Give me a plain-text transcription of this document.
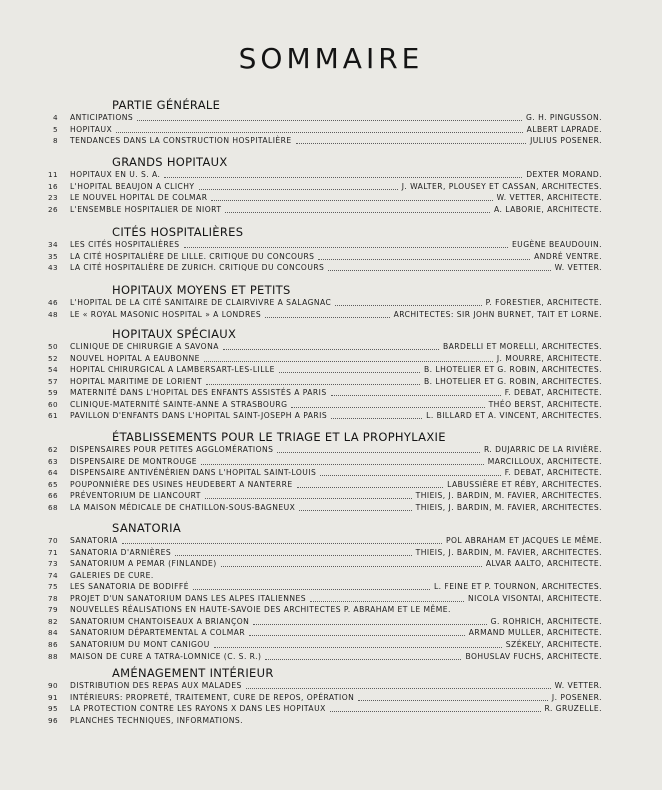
SOMMAIRE
PARTIE GÉNÉRALE
4 ANTICIPATIONS	G. H. PINGUSSON.
5 HOPITAUX	ALBERT LAPRADE.
8 TENDANCES DANS LA CONSTRUCTION HOSPITALIÈRE	JULIUS POSENER.
GRANDS HOPITAUX
11 HOPITAUX EN U. S. A.	DEXTER MORAND.
16 L'HOPITAL BEAUJON A CLICHY	J. WALTER, PLOUSEY ET CASSAN, ARCHITECTES.
23 LE NOUVEL HOPITAL DE COLMAR	W. VETTER, ARCHITECTE.
26 L'ENSEMBLE HOSPITALIER DE NIORT	A. LABORIE, ARCHITECTE.
CITÉS HOSPITALIÈRES
34 LES CITÉS HOSPITALIÈRES	EUGÈNE BEAUDOUIN.
35 LA CITÉ HOSPITALIÈRE DE LILLE. CRITIQUE DU CONCOURS	ANDRÉ VENTRE.
43 LA CITÉ HOSPITALIÈRE DE ZURICH. CRITIQUE DU CONCOURS	W. VETTER.
HOPITAUX MOYENS ET PETITS
46 L'HOPITAL DE LA CITÉ SANITAIRE DE CLAIRVIVRE A SALAGNAC	P. FORESTIER, ARCHITECTE.
48 LE « ROYAL MASONIC HOSPITAL » A LONDRES	ARCHITECTES: SIR JOHN BURNET, TAIT ET LORNE.
HOPITAUX SPÉCIAUX
50 CLINIQUE DE CHIRURGIE A SAVONA	BARDELLI ET MORELLI, ARCHITECTES.
52 NOUVEL HOPITAL A EAUBONNE	J. MOURRE, ARCHITECTE.
54 HOPITAL CHIRURGICAL A LAMBERSART-LES-LILLE	B. LHOTELIER ET G. ROBIN, ARCHITECTES.
57 HOPITAL MARITIME DE LORIENT	B. LHOTELIER ET G. ROBIN, ARCHITECTES.
59 MATERNITÉ DANS L'HOPITAL DES ENFANTS ASSISTÉS A PARIS	F. DEBAT, ARCHITECTE.
60 CLINIQUE-MATERNITÉ SAINTE-ANNE A STRASBOURG	THÉO BERST, ARCHITECTE.
61 PAVILLON D'ENFANTS DANS L'HOPITAL SAINT-JOSEPH A PARIS	L. BILLARD ET A. VINCENT, ARCHITECTES.
ÉTABLISSEMENTS POUR LE TRIAGE ET LA PROPHYLAXIE
62 DISPENSAIRES POUR PETITES AGGLOMÉRATIONS	R. DUJARRIC DE LA RIVIÈRE.
63 DISPENSAIRE DE MONTROUGE	MARCILLOUX, ARCHITECTE.
64 DISPENSAIRE ANTIVÉNÉRIEN DANS L'HOPITAL SAINT-LOUIS	F. DEBAT, ARCHITECTE.
65 POUPONNIÈRE DES USINES HEUDEBERT A NANTERRE	LABUSSIÈRE ET RÉBY, ARCHITECTES.
66 PRÉVENTORIUM DE LIANCOURT	THIEIS, J. BARDIN, M. FAVIER, ARCHITECTES.
68 LA MAISON MÉDICALE DE CHATILLON-SOUS-BAGNEUX	THIEIS, J. BARDIN, M. FAVIER, ARCHITECTES.
SANATORIA
70 SANATORIA	POL ABRAHAM ET JACQUES LE MÊME.
71 SANATORIA D'ARNIÈRES	THIEIS, J. BARDIN, M. FAVIER, ARCHITECTES.
73 SANATORIUM A PEMAR (FINLANDE)	ALVAR AALTO, ARCHITECTE.
74 GALERIES DE CURE.
75 LES SANATORIA DE BODIFFÉ	L. FEINE ET P. TOURNON, ARCHITECTES.
78 PROJET D'UN SANATORIUM DANS LES ALPES ITALIENNES	NICOLA VISONTAI, ARCHITECTE.
79 NOUVELLES RÉALISATIONS EN HAUTE-SAVOIE DES ARCHITECTES P. ABRAHAM ET LE MÊME.
82 SANATORIUM CHANTOISEAUX A BRIANÇON	G. ROHRICH, ARCHITECTE.
84 SANATORIUM DÉPARTEMENTAL A COLMAR	ARMAND MULLER, ARCHITECTE.
86 SANATORIUM DU MONT CANIGOU	SZÉKELY, ARCHITECTE.
88 MAISON DE CURE A TATRA-LOMNICE (C. S. R.)	BOHUSLAV FUCHS, ARCHITECTE.
AMÉNAGEMENT INTÉRIEUR
90 DISTRIBUTION DES REPAS AUX MALADES	W. VETTER.
91 INTÉRIEURS: PROPRETÉ, TRAITEMENT, CURE DE REPOS, OPÉRATION	J. POSENER.
95 LA PROTECTION CONTRE LES RAYONS X DANS LES HOPITAUX	R. GRUZELLE.
96 PLANCHES TECHNIQUES, INFORMATIONS.
